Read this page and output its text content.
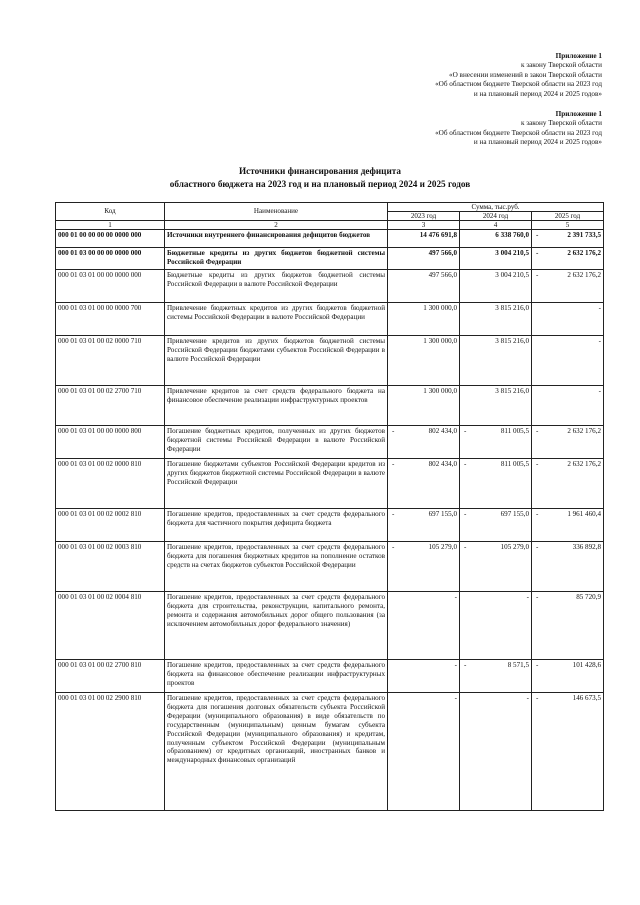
Приложение 1
к закону Тверской области
«О внесении изменений в закон Тверской области
«Об областном бюджете Тверской области на 2023 год
и на плановый период 2024 и 2025 годов»
Приложение 1
к закону Тверской области
«Об областном бюджете Тверской области на 2023 год
и на плановый период 2024 и 2025 годов»
Источники финансирования дефицита
областного бюджета на 2023 год и на плановый период 2024 и 2025 годов
Код	Наименование	Сумма, тыс.руб.		
		2023 год	2024 год	2025 год
1	2	3	4	5
000 01 00 00 00 00 0000 000	Источники внутреннего финансирования дефицитов бюджетов	14 476 691,8	6 338 760,0	- 2 391 733,5
000 01 03 00 00 00 0000 000	Бюджетные кредиты из других бюджетов бюджетной системы Российской Федерации	497 566,0	3 004 210,5	- 2 632 176,2
000 01 03 01 00 00 0000 000	Бюджетные кредиты из других бюджетов бюджетной системы Российской Федерации в валюте Российской Федерации	497 566,0	3 004 210,5	- 2 632 176,2
000 01 03 01 00 00 0000 700	Привлечение бюджетных кредитов из других бюджетов бюджетной системы Российской Федерации в валюте Российской Федерации	1 300 000,0	3 815 216,0	-
000 01 03 01 00 02 0000 710	Привлечение кредитов из других бюджетов бюджетной системы Российской Федерации бюджетами субъектов Российской Федерации в валюте Российской Федерации	1 300 000,0	3 815 216,0	-
000 01 03 01 00 02 2700 710	Привлечение кредитов за счет средств федерального бюджета на финансовое обеспечение реализации инфраструктурных проектов	1 300 000,0	3 815 216,0	-
000 01 03 01 00 00 0000 800	Погашение бюджетных кредитов, полученных из других бюджетов бюджетной системы Российской Федерации в валюте Российской Федерации	- 802 434,0	- 811 005,5	- 2 632 176,2
000 01 03 01 00 02 0000 810	Погашение бюджетами субъектов Российской Федерации кредитов из других бюджетов бюджетной системы Российской Федерации в валюте Российской Федерации	- 802 434,0	- 811 005,5	- 2 632 176,2
000 01 03 01 00 02 0002 810	Погашение кредитов, предоставленных за счет средств федерального бюджета для частичного покрытия дефицита бюджета	- 697 155,0	- 697 155,0	- 1 961 460,4
000 01 03 01 00 02 0003 810	Погашение кредитов, предоставленных за счет средств федерального бюджета для погашения бюджетных кредитов на пополнение остатков средств на счетах бюджетов субъектов Российской Федерации	- 105 279,0	- 105 279,0	- 336 892,8
000 01 03 01 00 02 0004 810	Погашение кредитов, предоставленных за счет средств федерального бюджета для строительства, реконструкции, капитального ремонта, ремонта и содержания автомобильных дорог общего пользования (за исключением автомобильных дорог федерального значения)	-	-	- 85 720,9
000 01 03 01 00 02 2700 810	Погашение кредитов, предоставленных за счет средств федерального бюджета на финансовое обеспечение реализации инфраструктурных проектов	-	- 8 571,5	- 101 428,6
000 01 03 01 00 02 2900 810	Погашение кредитов, предоставленных за счет средств федерального бюджета для погашения долговых обязательств субъекта Российской Федерации (муниципального образования) в виде обязательств по государственным (муниципальным) ценным бумагам субъекта Российской Федерации (муниципального образования) и кредитам, полученным субъектом Российской Федерации (муниципальным образованием) от кредитных организаций, иностранных банков и международных финансовых организаций	-	-	- 146 673,5
